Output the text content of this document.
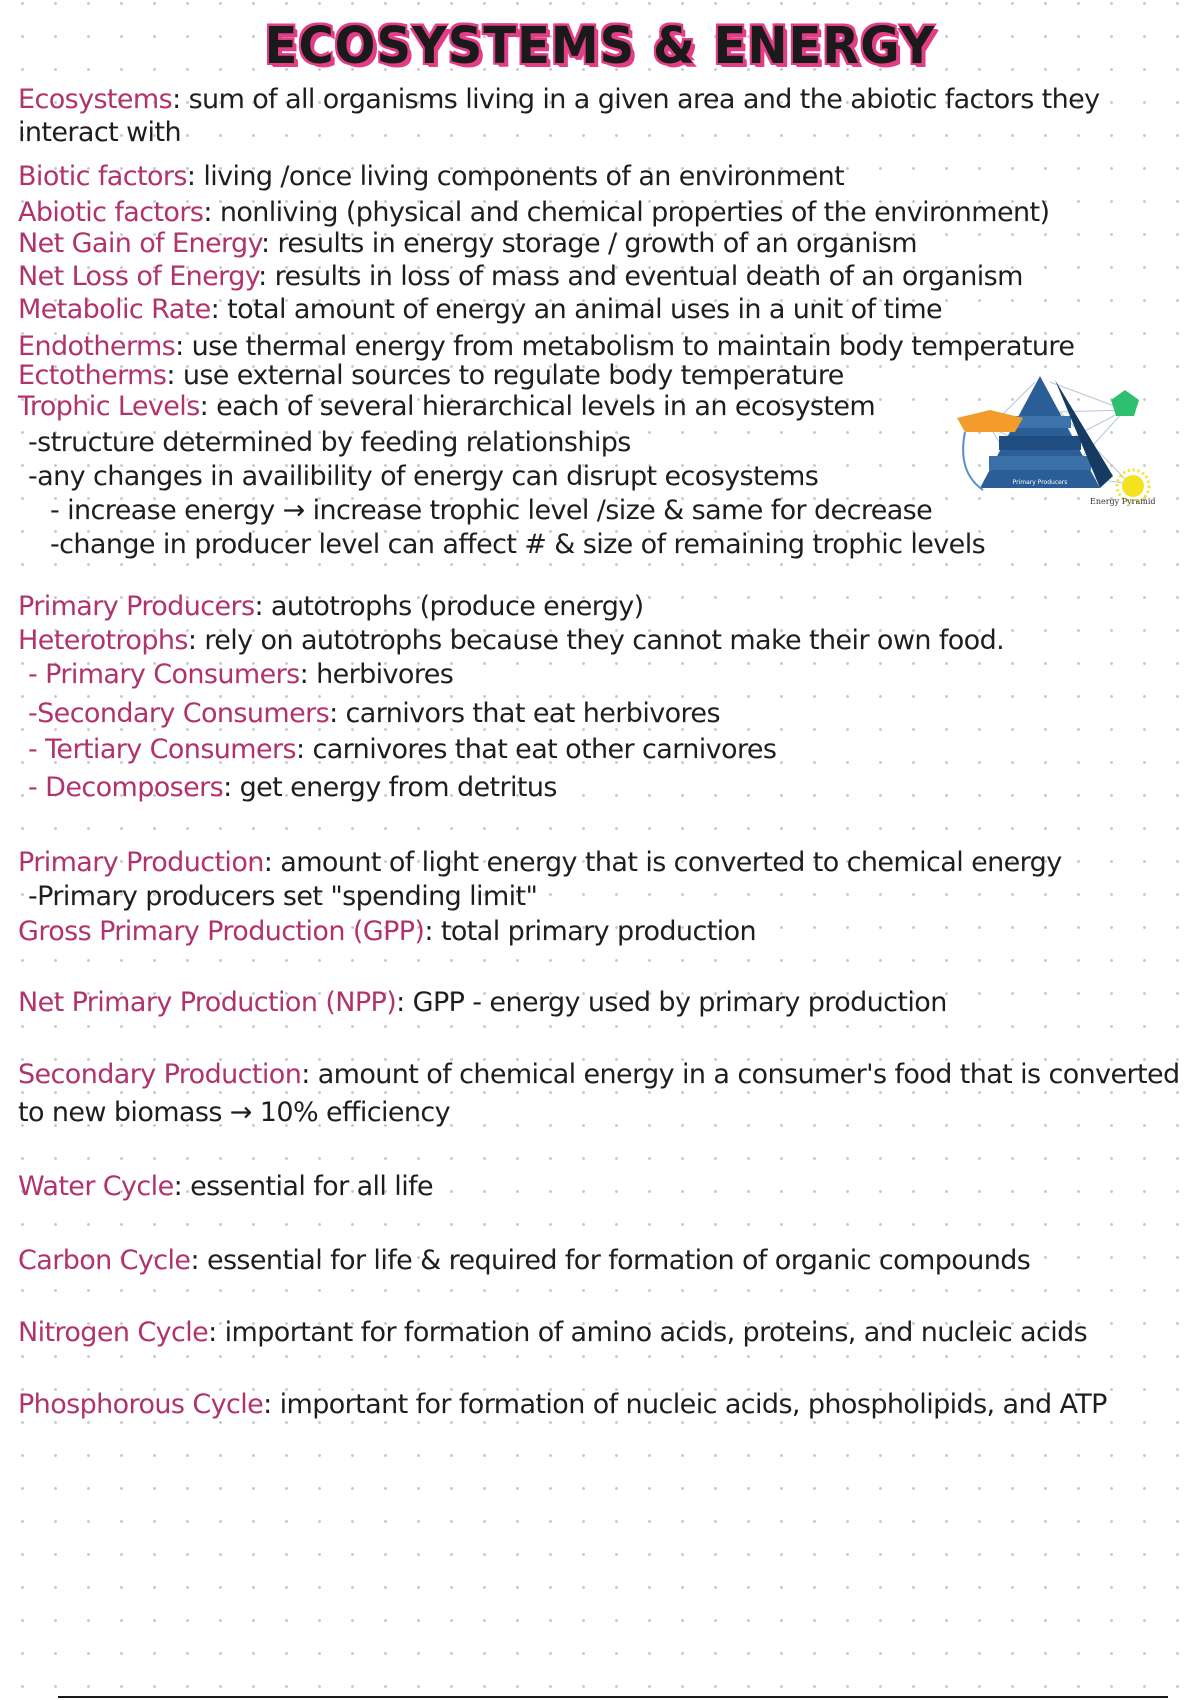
ECOSYSTEMS & ENERGY
Ecosystems: sum of all organisms living in a given area and the abiotic factors they
interact with
Biotic factors: living /once living components of an environment
Abiotic factors: nonliving (physical and chemical properties of the environment)
Net Gain of Energy: results in energy storage / growth of an organism
Net Loss of Energy: results in loss of mass and eventual death of an organism
Metabolic Rate: total amount of energy an animal uses in a unit of time
Endotherms: use thermal energy from metabolism to maintain body temperature
Ectotherms: use external sources to regulate body temperature
Trophic Levels: each of several hierarchical levels in an ecosystem
-structure determined by feeding relationships
-any changes in availibility of energy can disrupt ecosystems
- increase energy → increase trophic level /size & same for decrease
-change in producer level can affect # & size of remaining trophic levels
Primary Producers: autotrophs (produce energy)
Heterotrophs: rely on autotrophs because they cannot make their own food.
- Primary Consumers: herbivores
-Secondary Consumers: carnivors that eat herbivores
- Tertiary Consumers: carnivores that eat other carnivores
- Decomposers: get energy from detritus
Primary Production: amount of light energy that is converted to chemical energy
-Primary producers set "spending limit"
Gross Primary Production (GPP): total primary production
Net Primary Production (NPP): GPP - energy used by primary production
Secondary Production: amount of chemical energy in a consumer's food that is converted
to new biomass → 10% efficiency
Water Cycle: essential for all life
Carbon Cycle: essential for life & required for formation of organic compounds
Nitrogen Cycle: important for formation of amino acids, proteins, and nucleic acids
Phosphorous Cycle: important for formation of nucleic acids, phospholipids, and ATP
Primary Producers
Energy Pyramid
